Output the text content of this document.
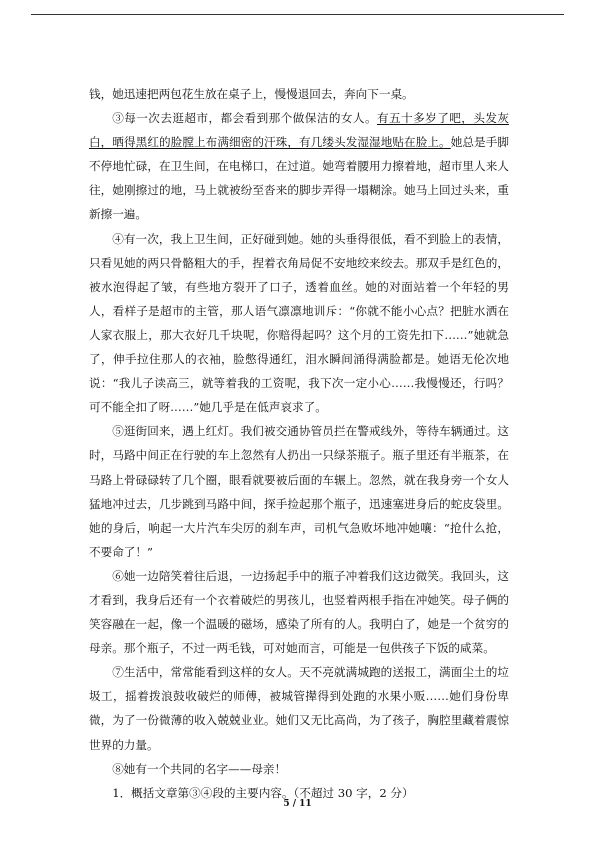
钱，她迅速把两包花生放在桌子上，慢慢退回去，奔向下一桌。

③每一次去逛超市，都会看到那个做保洁的女人。有五十多岁了吧，头发灰白，晒得黑红的脸膛上布满细密的汗珠，有几缕头发湿湿地贴在脸上。她总是手脚不停地忙碌，在卫生间，在电梯口，在过道。她弯着腰用力擦着地，超市里人来人往，她刚擦过的地，马上就被纷至沓来的脚步弄得一塌糊涂。她马上回过头来，重新擦一遍。

④有一次，我上卫生间，正好碰到她。她的头垂得很低，看不到脸上的表情，只看见她的两只骨骼粗大的手，捏着衣角局促不安地绞来绞去。那双手是红色的，被水泡得起了皱，有些地方裂开了口子，透着血丝。她的对面站着一个年轻的男人，看样子是超市的主管，那人语气凛凛地训斥：“你就不能小心点？把脏水洒在人家衣服上，那大衣好几千块呢，你赔得起吗？这个月的工资先扣下……”她就急了，伸手拉住那人的衣袖，脸憋得通红，泪水瞬间涌得满脸都是。她语无伦次地说：“我儿子读高三，就等着我的工资呢，我下次一定小心……我慢慢还，行吗？可不能全扣了呀……”她几乎是在低声哀求了。

⑤逛街回来，遇上红灯。我们被交通协管员拦在警戒线外，等待车辆通过。这时，马路中间正在行驶的车上忽然有人扔出一只绿茶瓶子。瓶子里还有半瓶茶，在马路上骨碌碌转了几个圈，眼看就要被后面的车辗上。忽然，就在我身旁一个女人猛地冲过去，几步跳到马路中间，探手捡起那个瓶子，迅速塞进身后的蛇皮袋里。她的身后，响起一大片汽车尖厉的刹车声，司机气急败坏地冲她嚷：“抢什么抢，不要命了！”

⑥她一边陪笑着往后退，一边扬起手中的瓶子冲着我们这边微笑。我回头，这才看到，我身后还有一个衣着破烂的男孩儿，也竖着两根手指在冲她笑。母子俩的笑容融在一起，像一个温暖的磁场，感染了所有的人。我明白了，她是一个贫穷的母亲。那个瓶子，不过一两毛钱，可对她而言，可能是一包供孩子下饭的咸菜。

⑦生活中，常常能看到这样的女人。天不亮就满城跑的送报工，满面尘土的垃圾工，摇着拨浪鼓收破烂的师傅，被城管撵得到处跑的水果小贩……她们身份卑微，为了一份微薄的收入兢兢业业。她们又无比高尚，为了孩子，胸腔里藏着震惊世界的力量。

⑧她有一个共同的名字——母亲！

1．概括文章第③④段的主要内容。（不超过 30 字，2 分）

5 / 11
